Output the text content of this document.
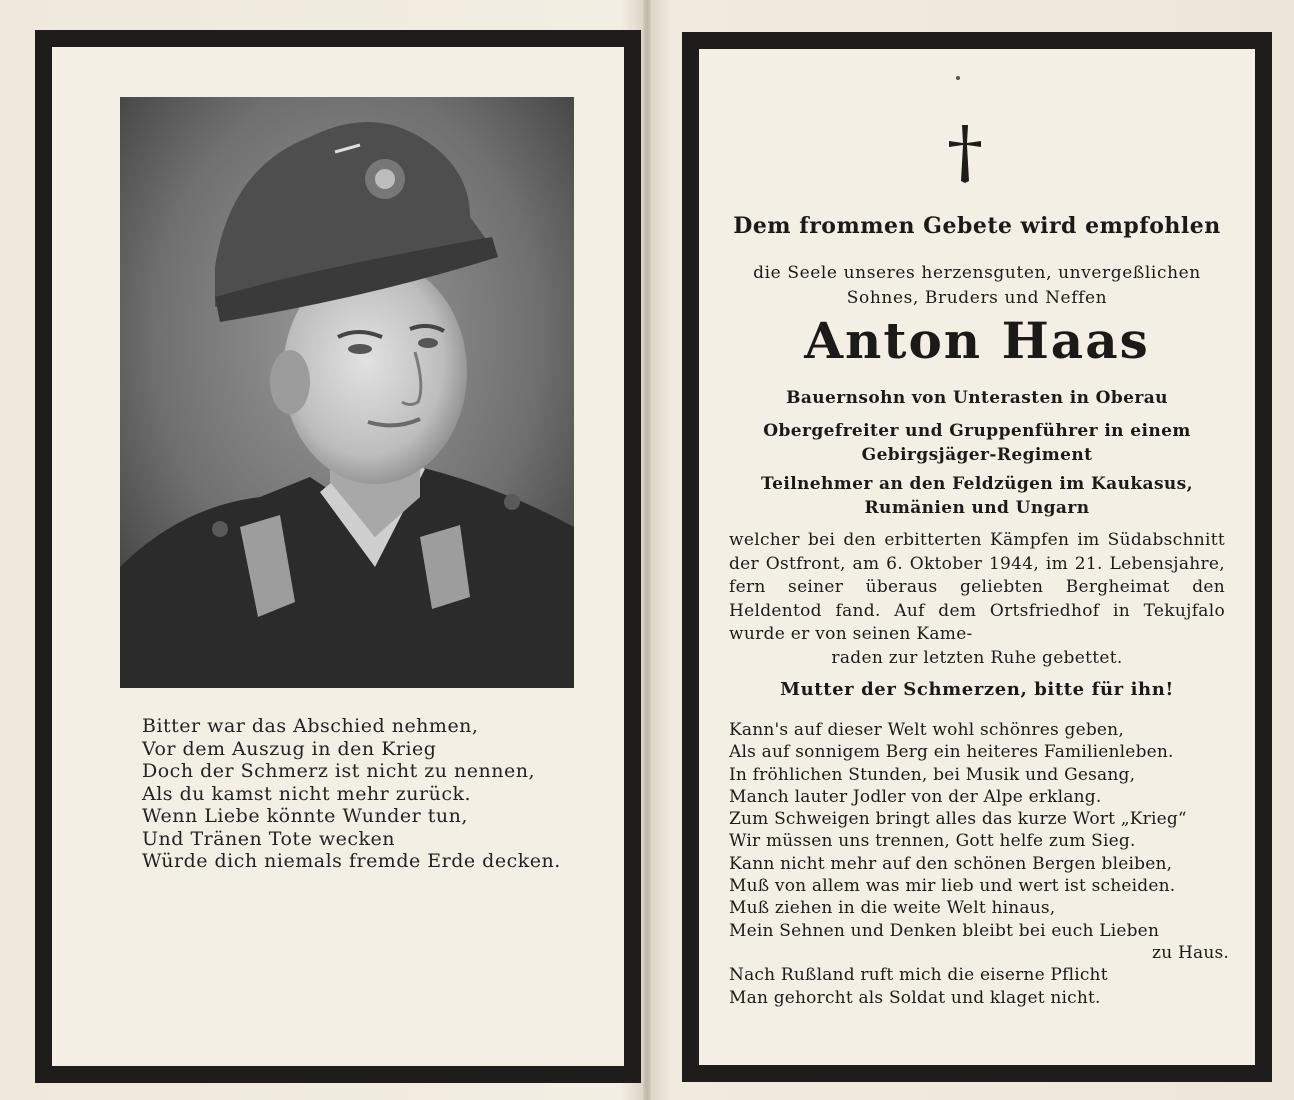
Bitter war das Abschied nehmen,
Vor dem Auszug in den Krieg
Doch der Schmerz ist nicht zu nennen,
Als du kamst nicht mehr zurück.
Wenn Liebe könnte Wunder tun,
Und Tränen Tote wecken
Würde dich niemals fremde Erde decken.
Dem frommen Gebete wird empfohlen
die Seele unseres herzensguten, unvergeßlichen
Sohnes, Bruders und Neffen
Anton Haas
Bauernsohn von Unterasten in Oberau
Obergefreiter und Gruppenführer in einem
Gebirgsjäger-Regiment
Teilnehmer an den Feldzügen im Kaukasus,
Rumänien und Ungarn
welcher bei den erbitterten Kämpfen im Südabschnitt der Ostfront, am 6. Oktober 1944, im 21. Lebensjahre, fern seiner überaus geliebten Bergheimat den Heldentod fand. Auf dem Ortsfriedhof in Tekujfalo wurde er von seinen Kame-
raden zur letzten Ruhe gebettet.
Mutter der Schmerzen, bitte für ihn!
Kann's auf dieser Welt wohl schönres geben,
Als auf sonnigem Berg ein heiteres Familienleben.
In fröhlichen Stunden, bei Musik und Gesang,
Manch lauter Jodler von der Alpe erklang.
Zum Schweigen bringt alles das kurze Wort „Krieg“
Wir müssen uns trennen, Gott helfe zum Sieg.
Kann nicht mehr auf den schönen Bergen bleiben,
Muß von allem was mir lieb und wert ist scheiden.
Muß ziehen in die weite Welt hinaus,
Mein Sehnen und Denken bleibt bei euch Lieben
zu Haus.
Nach Rußland ruft mich die eiserne Pflicht
Man gehorcht als Soldat und klaget nicht.
